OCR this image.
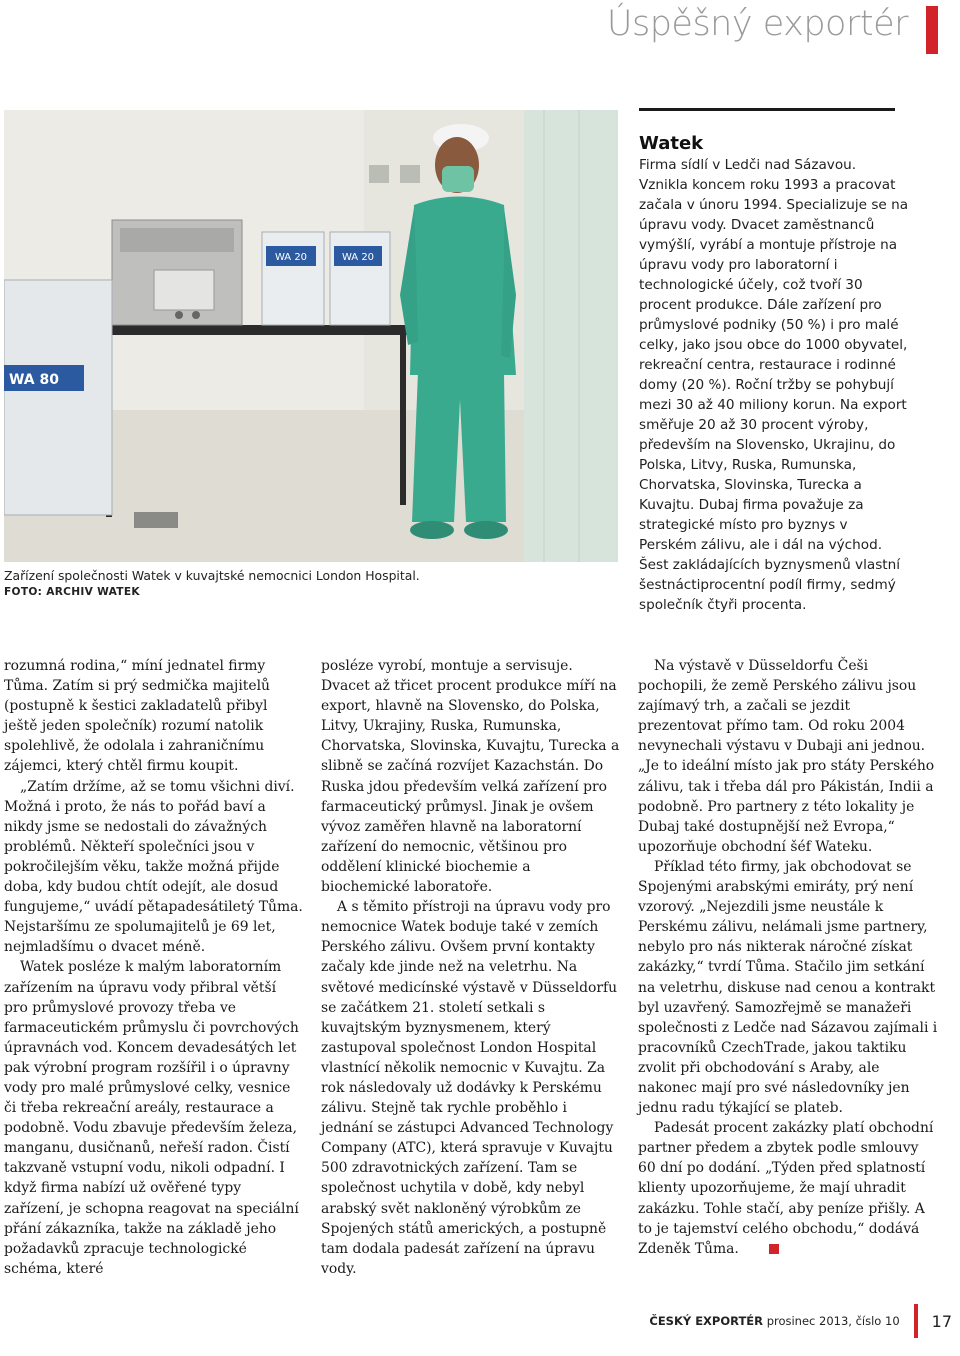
Úspěšný exportér
WA 20	WA 20
WA 80
Zařízení společnosti Watek v kuvajtské nemocnici London Hospital.
FOTO: ARCHIV WATEK
Watek

Firma sídlí v Ledči nad Sázavou. Vznikla koncem roku 1993 a pracovat začala v únoru 1994. Specializuje se na úpravu vody. Dvacet zaměstnanců vymýšlí, vyrábí a montuje přístroje na úpravu vody pro laboratorní i technologické účely, což tvoří 30 procent produkce. Dále zařízení pro průmyslové podniky (50 %) i pro malé celky, jako jsou obce do 1000 obyvatel, rekreační centra, restaurace i rodinné domy (20 %). Roční tržby se pohybují mezi 30 až 40 miliony korun. Na export směřuje 20 až 30 procent výroby, především na Slovensko, Ukrajinu, do Polska, Litvy, Ruska, Rumunska, Chorvatska, Slovinska, Turecka a Kuvajtu. Dubaj firma považuje za strategické místo pro byznys v Perském zálivu, ale i dál na východ. Šest zakládajících byznysmenů vlastní šestnáctiprocentní podíl firmy, sedmý společník čtyři procenta.

rozumná rodina,“ míní jednatel firmy Tůma. Zatím si prý sedmička majitelů (postupně k šestici zakladatelů přibyl ještě jeden společník) rozumí natolik spolehlivě, že odolala i zahraničnímu zájemci, který chtěl firmu koupit.

„Zatím držíme, až se tomu všichni diví. Možná i proto, že nás to pořád baví a nikdy jsme se nedostali do závažných problémů. Někteří společníci jsou v pokročilejším věku, takže možná přijde doba, kdy budou chtít odejít, ale dosud fungujeme,“ uvádí pětapadesátiletý Tůma. Nejstaršímu ze spolumajitelů je 69 let, nejmladšímu o dvacet méně.

Watek posléze k malým laboratorním zařízením na úpravu vody přibral větší pro průmyslové provozy třeba ve farmaceutickém průmyslu či povrchových úpravnách vod. Koncem devadesátých let pak výrobní program rozšířil i o úpravny vody pro malé průmyslové celky, vesnice či třeba rekreační areály, restaurace a podobně. Vodu zbavuje především železa, manganu, dusičnanů, neřeší radon. Čistí takzvaně vstupní vodu, nikoli odpadní. I když firma nabízí už ověřené typy zařízení, je schopna reagovat na speciální přání zákazníka, takže na základě jeho požadavků zpracuje technologické schéma, které

posléze vyrobí, montuje a servisuje. Dvacet až třicet procent produkce míří na export, hlavně na Slovensko, do Polska, Litvy, Ukrajiny, Ruska, Rumunska, Chorvatska, Slovinska, Kuvajtu, Turecka a slibně se začíná rozvíjet Kazachstán. Do Ruska jdou především velká zařízení pro farmaceutický průmysl. Jinak je ovšem vývoz zaměřen hlavně na laboratorní zařízení do nemocnic, většinou pro oddělení klinické biochemie a biochemické laboratoře.

A s těmito přístroji na úpravu vody pro nemocnice Watek boduje také v zemích Perského zálivu. Ovšem první kontakty začaly kde jinde než na veletrhu. Na světové medicínské výstavě v Düsseldorfu se začátkem 21. století setkali s kuvajtským byznysmenem, který zastupoval společnost London Hospital vlastnící několik nemocnic v Kuvajtu. Za rok následovaly už dodávky k Perskému zálivu. Stejně tak rychle proběhlo i jednání se zástupci Advanced Technology Company (ATC), která spravuje v Kuvajtu 500 zdravotnických zařízení. Tam se společnost uchytila v době, kdy nebyl arabský svět nakloněný výrobkům ze Spojených států amerických, a postupně tam dodala padesát zařízení na úpravu vody.

Na výstavě v Düsseldorfu Češi pochopili, že země Perského zálivu jsou zajímavý trh, a začali se jezdit prezentovat přímo tam. Od roku 2004 nevynechali výstavu v Dubaji ani jednou. „Je to ideální místo jak pro státy Perského zálivu, tak i třeba dál pro Pákistán, Indii a podobně. Pro partnery z této lokality je Dubaj také dostupnější než Evropa,“ upozorňuje obchodní šéf Wateku.

Příklad této firmy, jak obchodovat se Spojenými arabskými emiráty, prý není vzorový. „Nejezdili jsme neustále k Perskému zálivu, nelámali jsme partnery, nebylo pro nás nikterak náročné získat zakázky,“ tvrdí Tůma. Stačilo jim setkání na veletrhu, diskuse nad cenou a kontrakt byl uzavřený. Samozřejmě se manažeři společnosti z Ledče nad Sázavou zajímali i pracovníků CzechTrade, jakou taktiku zvolit při obchodování s Araby, ale nakonec mají pro své následovníky jen jednu radu týkající se plateb.

Padesát procent zakázky platí obchodní partner předem a zbytek podle smlouvy 60 dní po dodání. „Týden před splatností klienty upozorňujeme, že mají uhradit zakázku. Tohle stačí, aby peníze přišly. A to je tajemství celého obchodu,“ dodává Zdeněk Tůma.

ČESKÝ EXPORTÉR prosinec 2013, číslo 10 17
